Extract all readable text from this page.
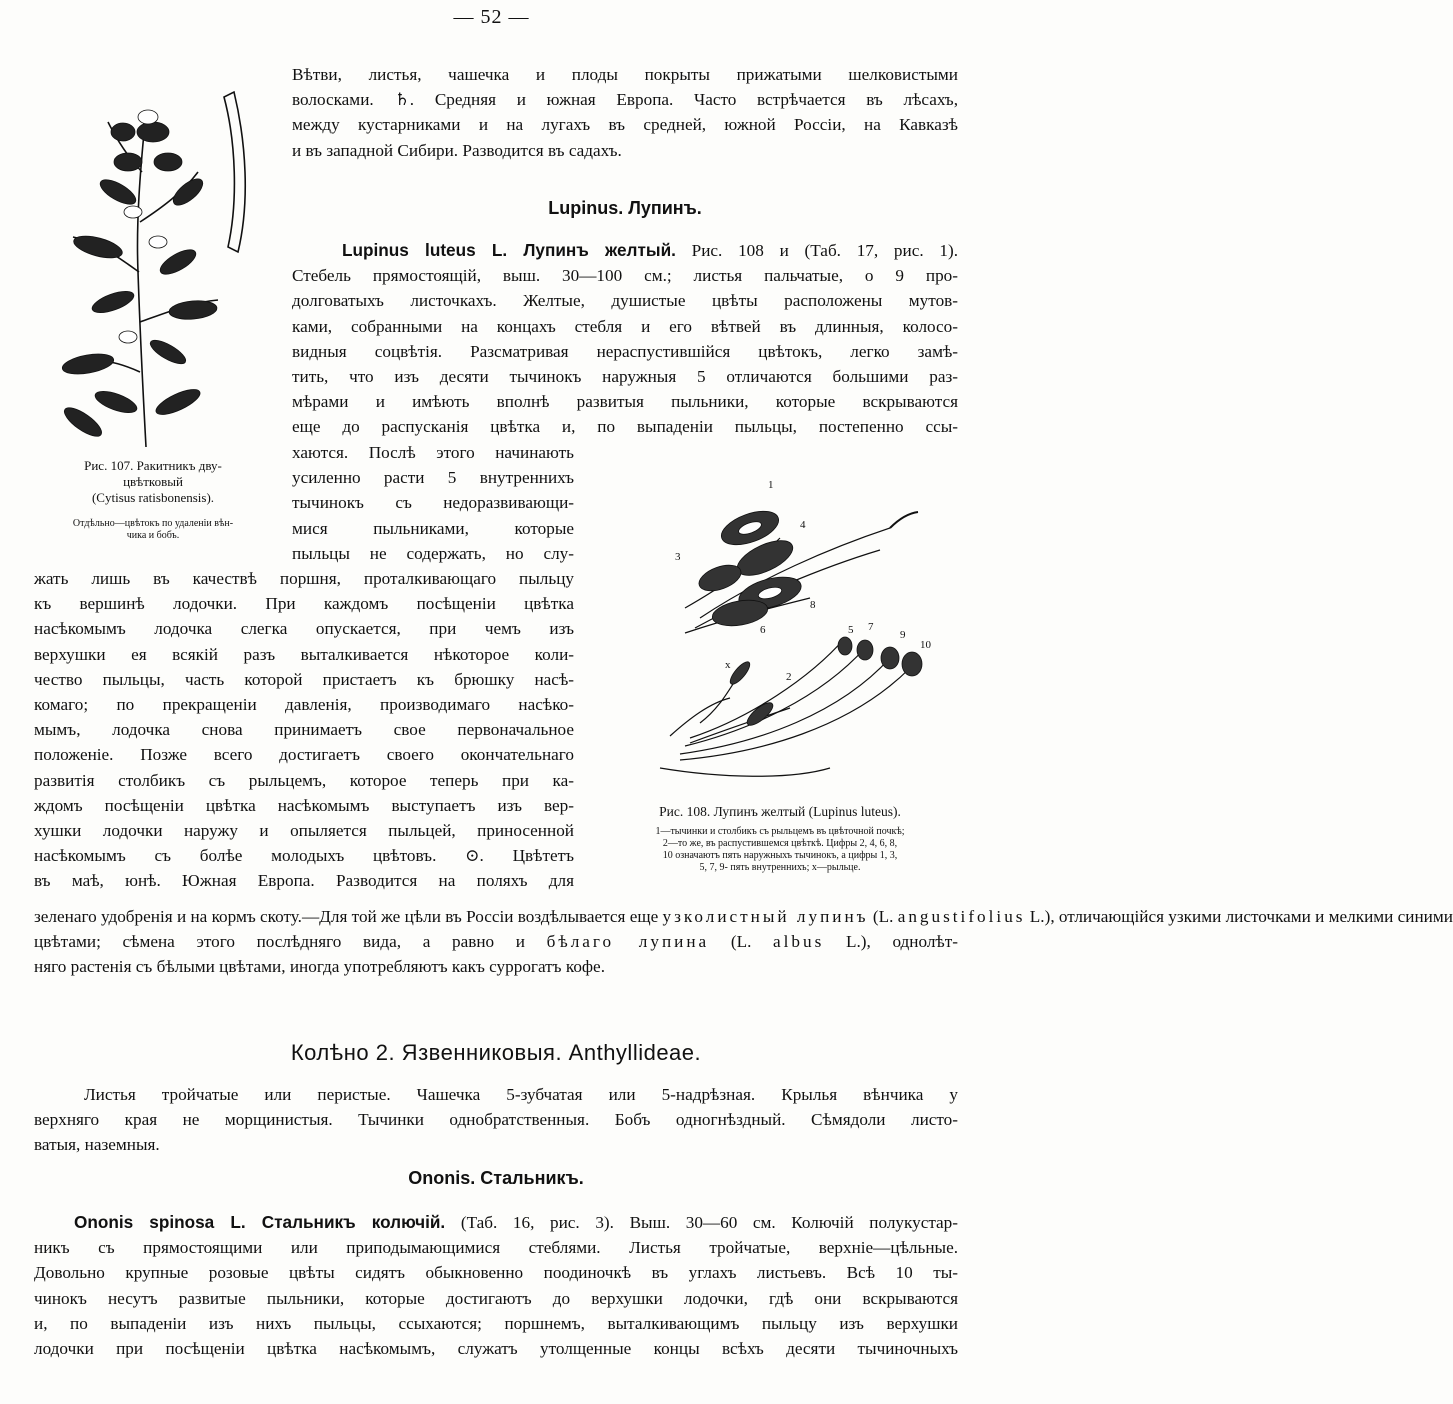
— 52 —
Рис. 107. Ракитникъ дву-
цвѣтковый
(Cytisus ratisbonensis).
Отдѣльно—цвѣтокъ по удаленiи вѣн-
чика и бобъ.
Вѣтви, листья, чашечка и плоды покрыты прижатыми шелковистыми
волосками. ♄. Средняя и южная Европа. Часто встрѣчается въ лѣсахъ,
между кустарниками и на лугахъ въ средней, южной Россiи, на Кавказѣ
и въ западной Сибири. Разводится въ садахъ.
Lupinus. Лупинъ.
Lupinus luteus L. Лупинъ желтый. Рис. 108 и (Таб. 17, рис. 1).
Стебель прямостоящiй, выш. 30—100 см.; листья пальчатые, о 9 про-
долговатыхъ листочкахъ. Желтые, душистые цвѣты расположены мутов-
ками, собранными на концахъ стебля и его вѣтвей въ длинныя, колосо-
видныя соцвѣтiя. Разсматривая нераспустившiйся цвѣтокъ, легко замѣ-
тить, что изъ десяти тычинокъ наружныя 5 отличаются большими раз-
мѣрами и имѣють вполнѣ развитыя пыльники, которые вскрываются
еще до распусканiя цвѣтка и, по выпаденiи пыльцы, постепенно ссы-
хаются. Послѣ этого начинають
усиленно расти 5 внутреннихъ
тычинокъ съ недоразвивающи-
мися пыльниками, которые
пыльцы не содержать, но слу-
жать лишь въ качествѣ поршня, проталкивающаго пыльцу
къ вершинѣ лодочки. При каждомъ посѣщенiи цвѣтка
насѣкомымъ лодочка слегка опускается, при чемъ изъ
верхушки ея всякiй разъ выталкивается нѣкоторое коли-
чество пыльцы, часть которой пристаетъ къ брюшку насѣ-
комаго; по прекращенiи давленiя, производимаго насѣко-
мымъ, лодочка снова принимаетъ свое первоначальное
положенiе. Позже всего достигаетъ своего окончательнаго
развитiя столбикъ съ рыльцемъ, которое теперь при ка-
ждомъ посѣщенiи цвѣтка насѣкомымъ выступаетъ изъ вер-
хушки лодочки наружу и опыляется пыльцей, приносенной
насѣкомымъ съ болѣе молодыхъ цвѣтовъ. ⊙. Цвѣтетъ
въ маѣ, юнѣ. Южная Европа. Разводится на поляхъ для
зеленаго удобренiя и на кормъ скоту.—Для той же цѣли въ Россiи воздѣлывается еще узколистный лупинъ (L. angustifolius L.), отличающiйся узкими листочками и мелкими синими
цвѣтами; сѣмена этого послѣдняго вида, а равно и бѣлаго лупина (L. albus L.), однолѣт-
няго растенiя съ бѣлыми цвѣтами, иногда употребляютъ какъ суррогатъ кофе.
1
2
3
4
5
6	7
8
9
10
x
Рис. 108. Лупинъ желтый (Lupinus luteus).
1—тычинки и столбикъ съ рыльцемъ въ цвѣточной почкѣ;
2—то же, въ распустившемся цвѣткѣ. Цифры 2, 4, 6, 8,
10 означаютъ пять наружныхъ тычинокъ, а цифры 1, 3,
5, 7, 9- пять внутреннихъ; x—рыльце.
Колѣно 2. Язвенниковыя. Anthyllideae.
Листья тройчатые или перистые. Чашечка 5-зубчатая или 5-надрѣзная. Крылья вѣнчика у
верхняго края не морщинистыя. Тычинки однобратственныя. Бобъ одногнѣздный. Сѣмядоли листо-
ватыя, наземныя.
Ononis. Стальникъ.
Ononis spinosa L. Стальникъ колючiй. (Таб. 16, рис. 3). Выш. 30—60 см. Колючiй полукустар-
никъ съ прямостоящими или приподымающимися стеблями. Листья тройчатые, верхнiе—цѣльные.
Довольно крупные розовые цвѣты сидятъ обыкновенно поодиночкѣ въ углахъ листьевъ. Всѣ 10 ты-
чинокъ несутъ развитые пыльники, которые достигаютъ до верхушки лодочки, гдѣ они вскрываются
и, по выпаденiи изъ нихъ пыльцы, ссыхаются; поршнемъ, выталкивающимъ пыльцу изъ верхушки
лодочки при посѣщенiи цвѣтка насѣкомымъ, служатъ утолщенные концы всѣхъ десяти тычиночныхъ
